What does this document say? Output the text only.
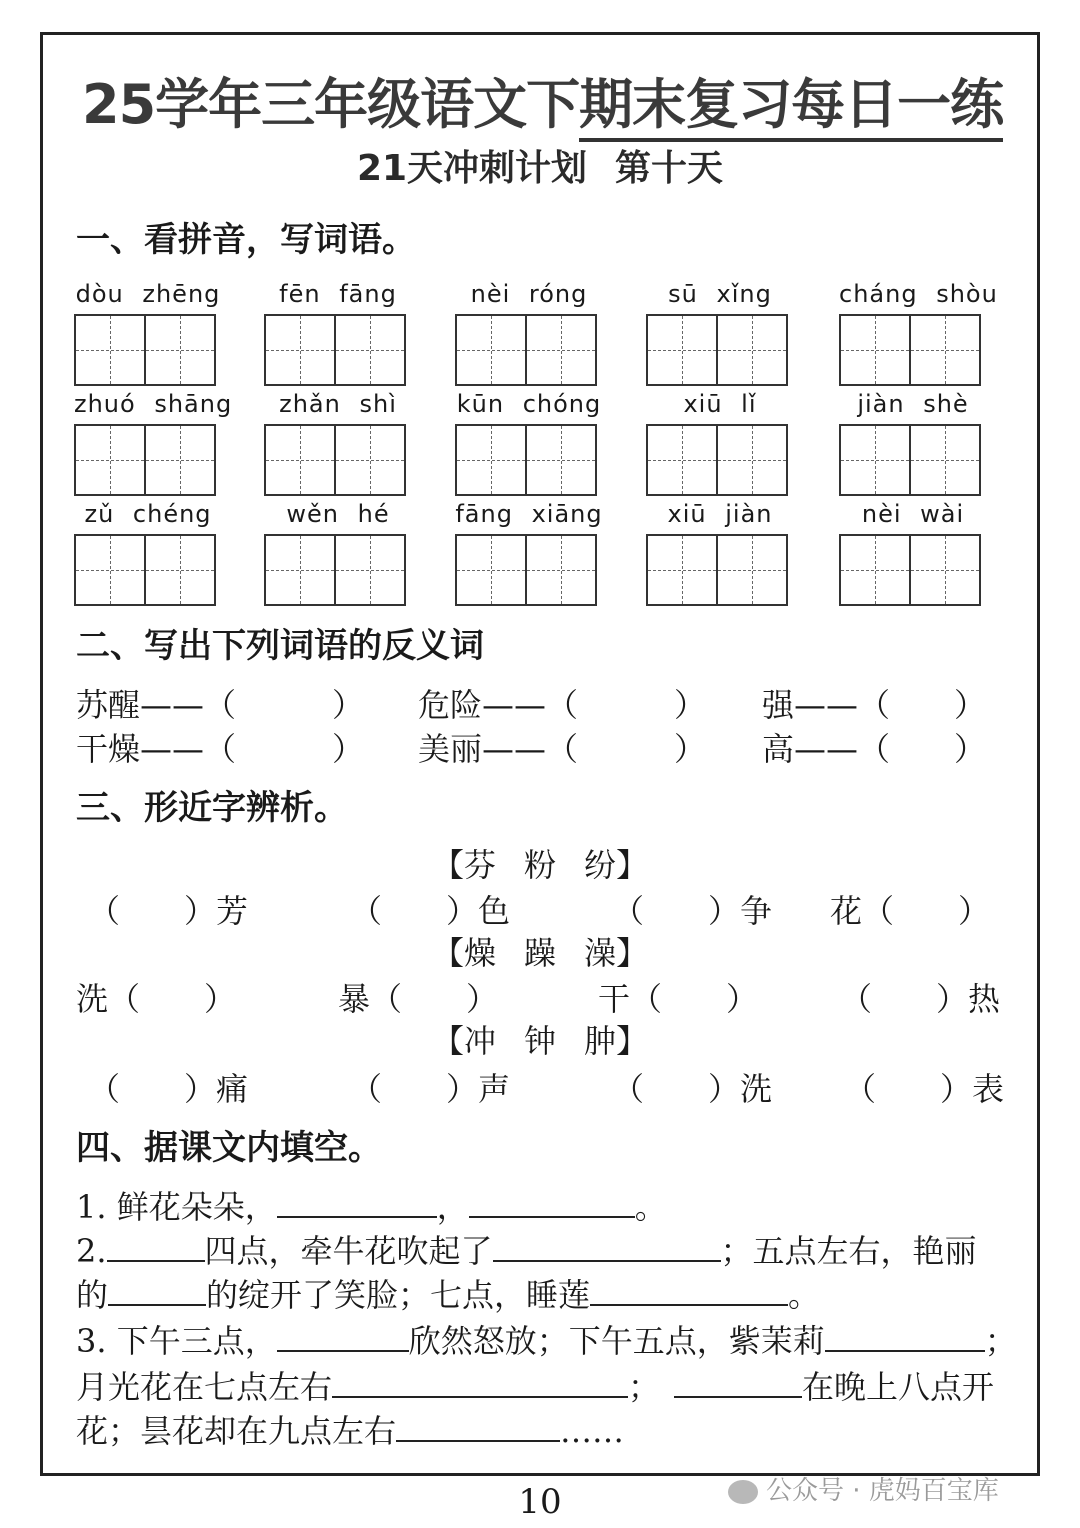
25学年三年级语文下期末复习每日一练
21天冲刺计划 第十天
一、看拼音，写词语。
dòu zhēng	fēn fāng	nèi róng	sū xǐng	cháng shòu
zhuó shāng	zhǎn shì	kūn chóng	xiū lǐ	jiàn shè
zǔ chéng	wěn hé	fāng xiāng	xiū jiàn	nèi wài
二、写出下列词语的反义词
苏醒——（　　　） 危险——（　　　） 强——（　　）
干燥——（　　　） 美丽——（　　　） 高——（　　）
三、形近字辨析。
【芬 粉 纷】
（　　）芳	（　　）色	（　　）争 花（　　）
【燥 躁 澡】
洗（　　）	暴（　　）	干（　　）	（　　）热
【冲 钟 肿】
（　　）痛	（　　）声	（　　）洗 （　　）表
四、据课文内填空。
1. 鲜花朵朵，	，	。
2.	四点，牵牛花吹起了	；五点左右，艳丽
的	的绽开了笑脸；七点，睡莲	。
3. 下午三点，	欣然怒放；下午五点，紫茉莉	；
月光花在七点左右	；	在晚上八点开
花；昙花却在九点左右	……
10	公众号 · 虎妈百宝库
